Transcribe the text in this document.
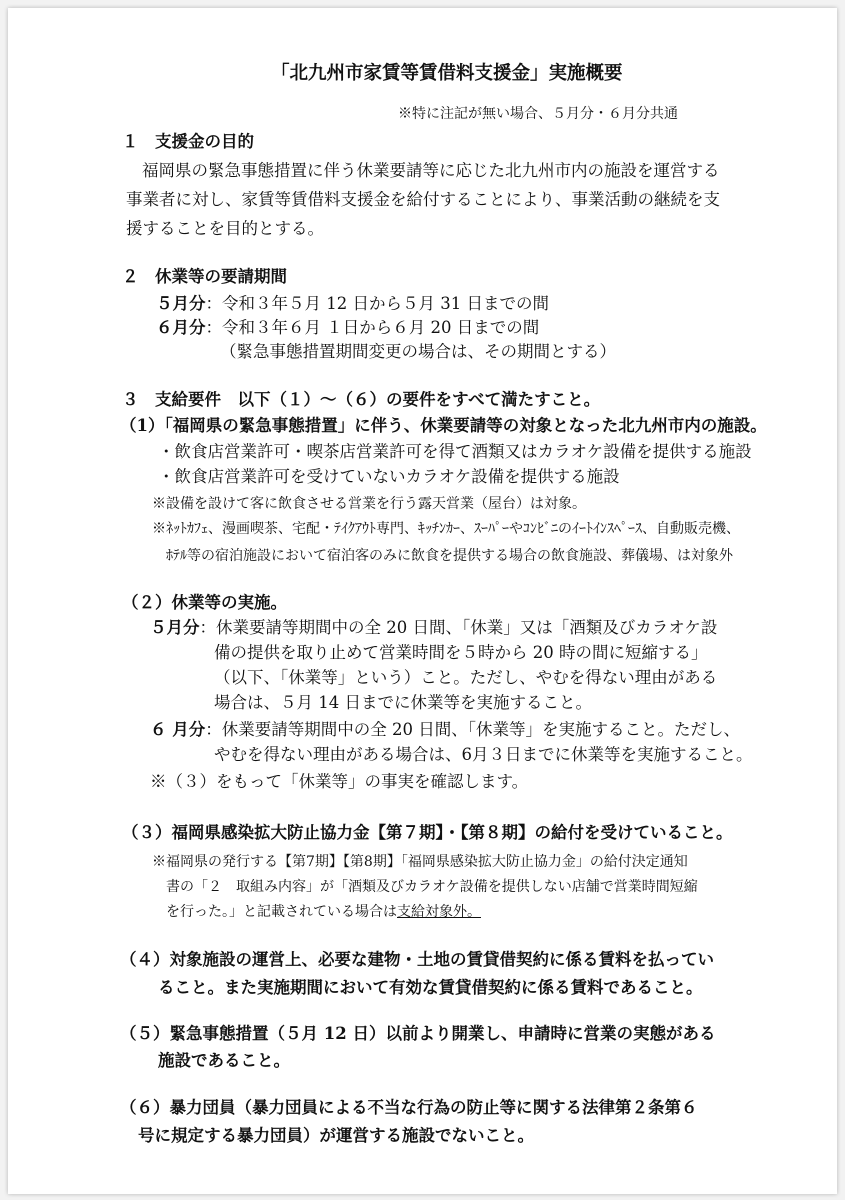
「北九州市家賃等賃借料支援金」実施概要
※特に注記が無い場合、５月分・６月分共通
１　支援金の目的
福岡県の緊急事態措置に伴う休業要請等に応じた北九州市内の施設を運営する
事業者に対し、家賃等賃借料支援金を給付することにより、事業活動の継続を支
援することを目的とする。
２　休業等の要請期間
５月分：令和３年５月 12 日から５月 31 日までの間
６月分：令和３年６月 １日から６月 20 日までの間
（緊急事態措置期間変更の場合は、その期間とする）
３　支給要件　以下（１）～（６）の要件をすべて満たすこと。
（1）「福岡県の緊急事態措置」に伴う、休業要請等の対象となった北九州市内の施設。
・飲食店営業許可・喫茶店営業許可を得て酒類又はカラオケ設備を提供する施設
・飲食店営業許可を受けていないカラオケ設備を提供する施設
※設備を設けて客に飲食させる営業を行う露天営業（屋台）は対象。
※ﾈｯﾄｶﾌｪ、漫画喫茶、宅配・ﾃｲｸｱｳﾄ専門、ｷｯﾁﾝｶｰ、ｽｰﾊﾟｰやｺﾝﾋﾞﾆのｲｰﾄｲﾝｽﾍﾟｰｽ、自動販売機、
ﾎﾃﾙ等の宿泊施設において宿泊客のみに飲食を提供する場合の飲食施設、葬儀場、は対象外
（２）休業等の実施。
５月分：休業要請等期間中の全 20 日間、「休業」又は「酒類及びカラオケ設
備の提供を取り止めて営業時間を５時から 20 時の間に短縮する」
（以下、「休業等」という）こと。ただし、やむを得ない理由がある
場合は、５月 14 日までに休業等を実施すること。
６ 月分：休業要請等期間中の全 20 日間、「休業等」を実施すること。ただし、
やむを得ない理由がある場合は、6月３日までに休業等を実施すること。
※（３）をもって「休業等」の事実を確認します。
（３）福岡県感染拡大防止協力金【第７期】・【第８期】の給付を受けていること。
※福岡県の発行する【第7期】【第8期】「福岡県感染拡大防止協力金」の給付決定通知
書の「２　取組み内容」が「酒類及びカラオケ設備を提供しない店舗で営業時間短縮
を行った。」と記載されている場合は支給対象外。
（４）対象施設の運営上、必要な建物・土地の賃貸借契約に係る賃料を払ってい
ること。また実施期間において有効な賃貸借契約に係る賃料であること。
（５）緊急事態措置（５月 12 日）以前より開業し、申請時に営業の実態がある
施設であること。
（６）暴力団員（暴力団員による不当な行為の防止等に関する法律第２条第６
号に規定する暴力団員）が運営する施設でないこと。
